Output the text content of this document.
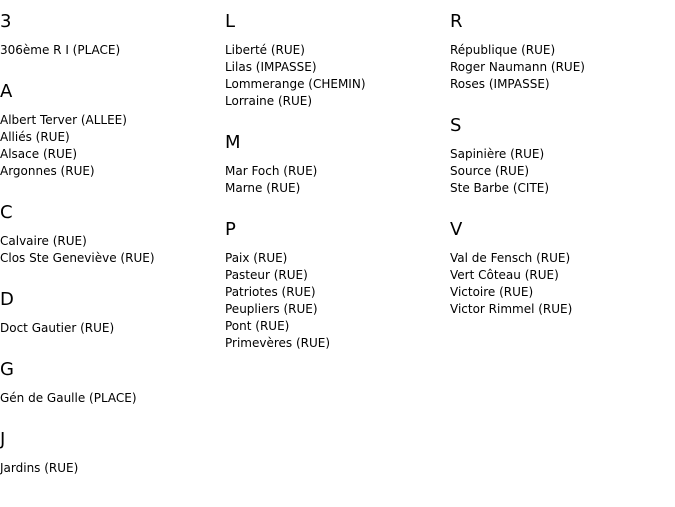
3
306ème R I (PLACE)
A
Albert Terver (ALLEE)
Alliés (RUE)
Alsace (RUE)
Argonnes (RUE)
C
Calvaire (RUE)
Clos Ste Geneviève (RUE)
D
Doct Gautier (RUE)
G
Gén de Gaulle (PLACE)
J
Jardins (RUE)
L
Liberté (RUE)
Lilas (IMPASSE)
Lommerange (CHEMIN)
Lorraine (RUE)
M
Mar Foch (RUE)
Marne (RUE)
P
Paix (RUE)
Pasteur (RUE)
Patriotes (RUE)
Peupliers (RUE)
Pont (RUE)
Primevères (RUE)
R
République (RUE)
Roger Naumann (RUE)
Roses (IMPASSE)
S
Sapinière (RUE)
Source (RUE)
Ste Barbe (CITE)
V
Val de Fensch (RUE)
Vert Côteau (RUE)
Victoire (RUE)
Victor Rimmel (RUE)
